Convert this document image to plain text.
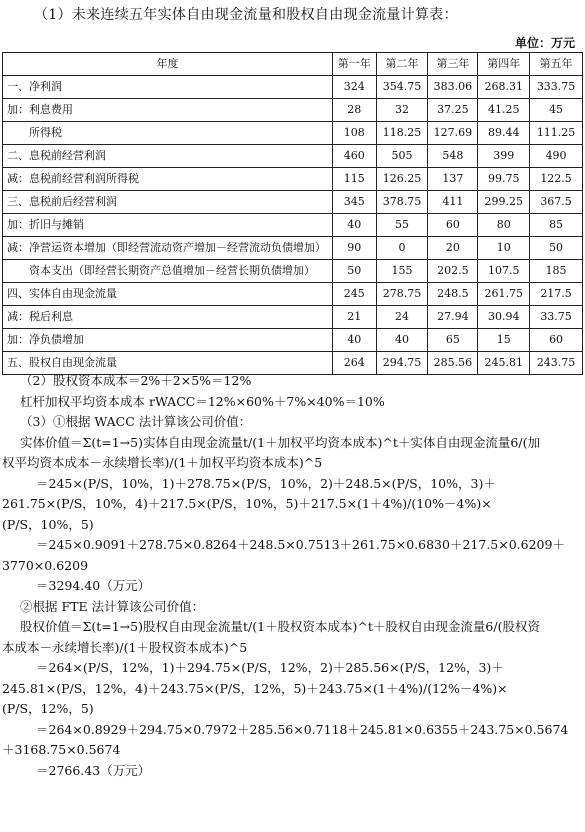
（1）未来连续五年实体自由现金流量和股权自由现金流量计算表：
单位：万元
年度	第一年	第二年	第三年	第四年	第五年
一、净利润	324	354.75	383.06	268.31	333.75
加：利息费用	28	32	37.25	41.25	45
所得税	108	118.25	127.69	89.44	111.25
二、息税前经营利润	460	505	548	399	490
减：息税前经营利润所得税	115	126.25	137	99.75	122.5
三、息税前后经营利润	345	378.75	411	299.25	367.5
加：折旧与摊销	40	55	60	80	85
减：净营运资本增加（即经营流动资产增加－经营流动负债增加）	90	0	20	10	50
资本支出（即经营长期资产总值增加－经营长期负债增加）	50	155	202.5	107.5	185
四、实体自由现金流量	245	278.75	248.5	261.75	217.5
减：税后利息	21	24	27.94	30.94	33.75
加：净负债增加	40	40	65	15	60
五、股权自由现金流量	264	294.75	285.56	245.81	243.75

（2）股权资本成本＝2%＋2×5%＝12%

杠杆加权平均资本成本 rWACC＝12%×60%＋7%×40%＝10%

（3）①根据 WACC 法计算该公司价值：

实体价值＝Σ(t=1→5)实体自由现金流量t/(1＋加权平均资本成本)^t＋实体自由现金流量6/(加

权平均资本成本－永续增长率)/(1＋加权平均资本成本)^5

＝245×(P/S，10%，1)＋278.75×(P/S，10%，2)＋248.5×(P/S，10%，3)＋

261.75×(P/S，10%，4)＋217.5×(P/S，10%，5)＋217.5×(1＋4%)/(10%－4%)×

(P/S，10%，5)

＝245×0.9091＋278.75×0.8264＋248.5×0.7513＋261.75×0.6830＋217.5×0.6209＋

3770×0.6209

＝3294.40（万元）

②根据 FTE 法计算该公司价值：

股权价值＝Σ(t=1→5)股权自由现金流量t/(1＋股权资本成本)^t＋股权自由现金流量6/(股权资

本成本－永续增长率)/(1＋股权资本成本)^5

＝264×(P/S，12%，1)＋294.75×(P/S，12%，2)＋285.56×(P/S，12%，3)＋

245.81×(P/S，12%，4)＋243.75×(P/S，12%，5)＋243.75×(1＋4%)/(12%－4%)×

(P/S，12%，5)

＝264×0.8929＋294.75×0.7972＋285.56×0.7118＋245.81×0.6355＋243.75×0.5674

＋3168.75×0.5674

＝2766.43（万元）
